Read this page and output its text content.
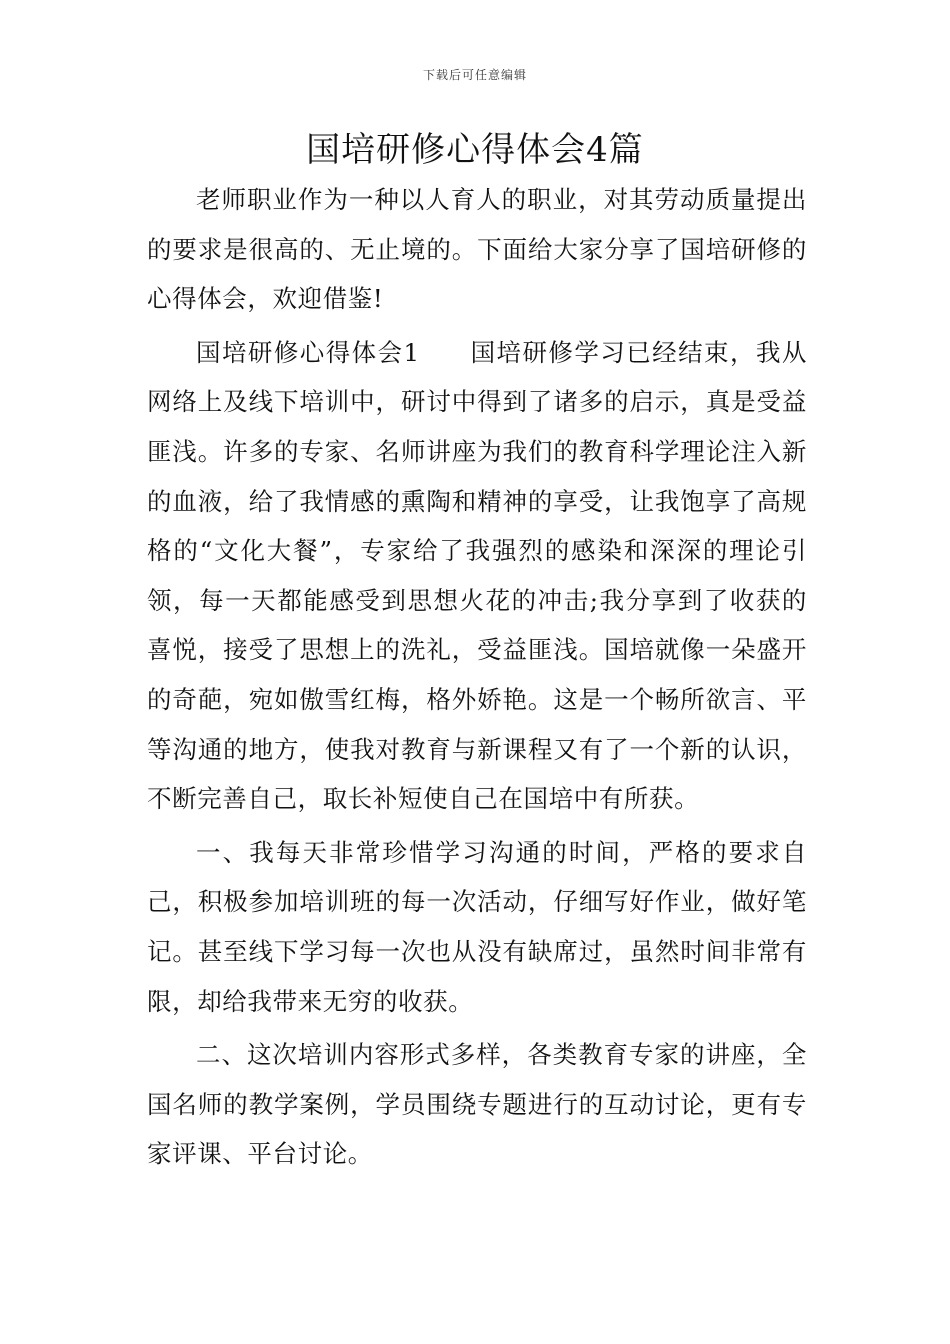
下载后可任意编辑
国培研修心得体会4篇

老师职业作为一种以人育人的职业，对其劳动质量提出的要求是很高的、无止境的。下面给大家分享了国培研修的心得体会，欢迎借鉴!

国培研修心得体会1 国培研修学习已经结束，我从网络上及线下培训中，研讨中得到了诸多的启示，真是受益匪浅。许多的专家、名师讲座为我们的教育科学理论注入新的血液，给了我情感的熏陶和精神的享受，让我饱享了高规格的“文化大餐”，专家给了我强烈的感染和深深的理论引领，每一天都能感受到思想火花的冲击;我分享到了收获的喜悦，接受了思想上的洗礼，受益匪浅。国培就像一朵盛开的奇葩，宛如傲雪红梅，格外娇艳。这是一个畅所欲言、平等沟通的地方，使我对教育与新课程又有了一个新的认识，不断完善自己，取长补短使自己在国培中有所获。

一、我每天非常珍惜学习沟通的时间，严格的要求自己，积极参加培训班的每一次活动，仔细写好作业，做好笔记。甚至线下学习每一次也从没有缺席过，虽然时间非常有限，却给我带来无穷的收获。

二、这次培训内容形式多样，各类教育专家的讲座，全国名师的教学案例，学员围绕专题进行的互动讨论，更有专家评课、平台讨论。
